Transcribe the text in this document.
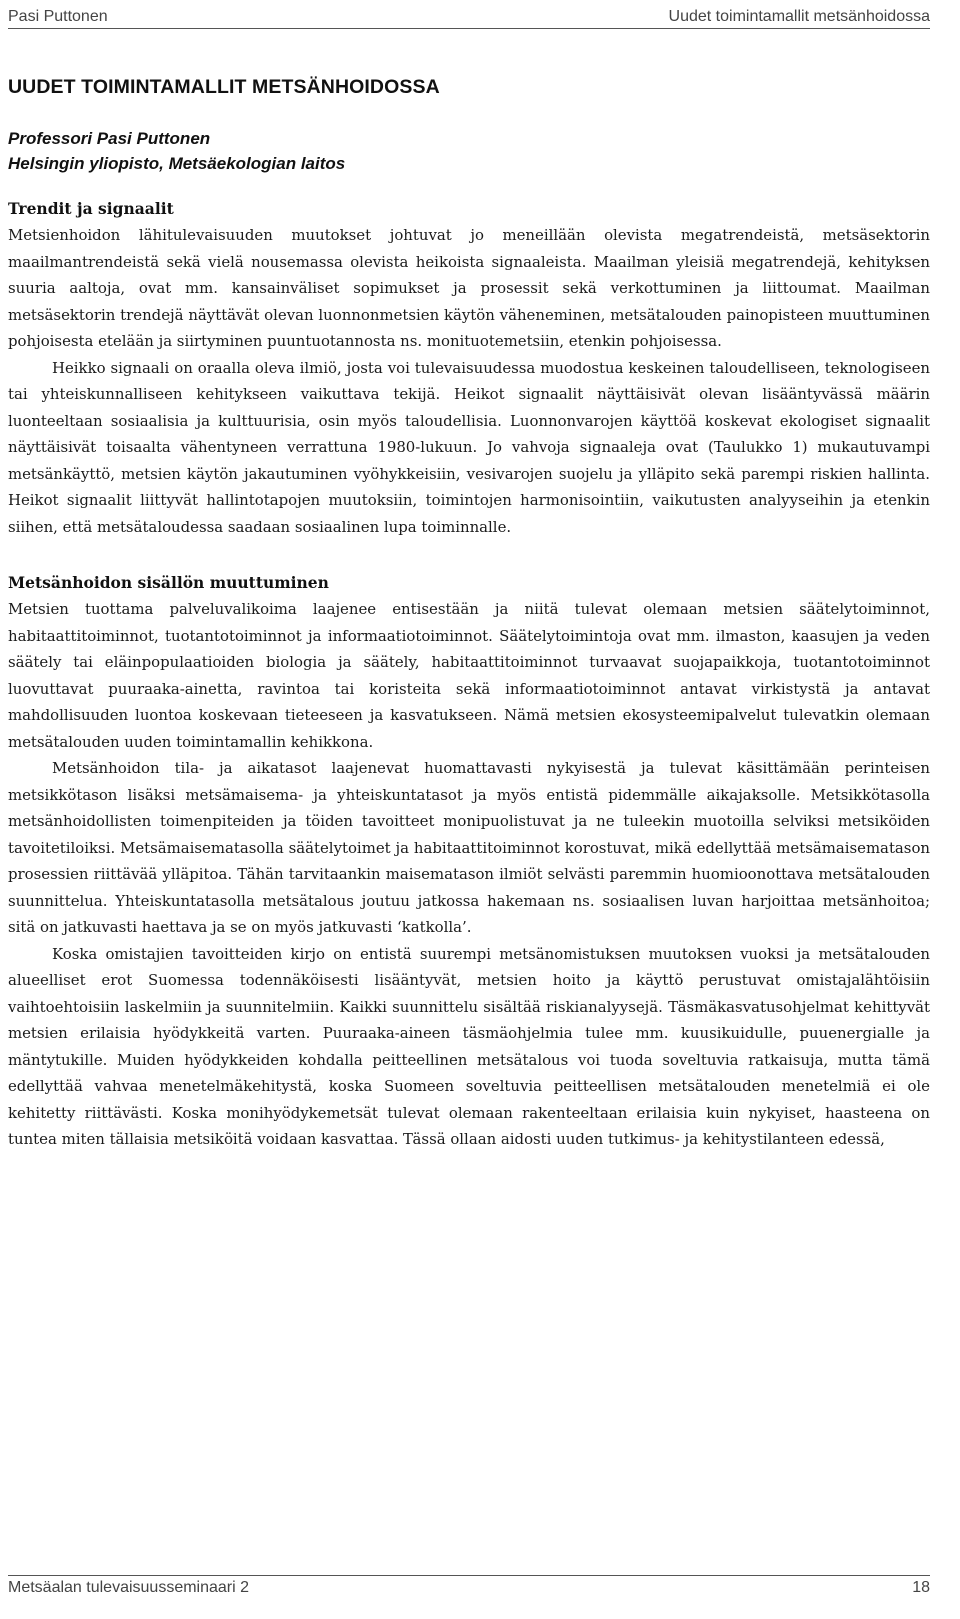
Pasi Puttonen	Uudet toimintamallit metsänhoidossa
UUDET TOIMINTAMALLIT METSÄNHOIDOSSA
Professori Pasi Puttonen
Helsingin yliopisto, Metsäekologian laitos
Trendit ja signaalit

Metsienhoidon lähitulevaisuuden muutokset johtuvat jo meneillään olevista megatrendeistä, metsäsektorin maailmantrendeistä sekä vielä nousemassa olevista heikoista signaaleista. Maailman yleisiä megatrendejä, kehityksen suuria aaltoja, ovat mm. kansainväliset sopimukset ja prosessit sekä verkottuminen ja liittoumat. Maailman metsäsektorin trendejä näyttävät olevan luonnonmetsien käytön väheneminen, metsätalouden painopisteen muuttuminen pohjoisesta etelään ja siirtyminen puuntuotannosta ns. monituotemetsiin, etenkin pohjoisessa.

Heikko signaali on oraalla oleva ilmiö, josta voi tulevaisuudessa muodostua keskeinen taloudelliseen, teknologiseen tai yhteiskunnalliseen kehitykseen vaikuttava tekijä. Heikot signaalit näyttäisivät olevan lisääntyvässä määrin luonteeltaan sosiaalisia ja kulttuurisia, osin myös taloudellisia. Luonnonvarojen käyttöä koskevat ekologiset signaalit näyttäisivät toisaalta vähentyneen verrattuna 1980-lukuun. Jo vahvoja signaaleja ovat (Taulukko 1) mukautuvampi metsänkäyttö, metsien käytön jakautuminen vyöhykkeisiin, vesivarojen suojelu ja ylläpito sekä parempi riskien hallinta. Heikot signaalit liittyvät hallintotapojen muutoksiin, toimintojen harmonisointiin, vaikutusten analyyseihin ja etenkin siihen, että metsätaloudessa saadaan sosiaalinen lupa toiminnalle.

Metsänhoidon sisällön muuttuminen

Metsien tuottama palveluvalikoima laajenee entisestään ja niitä tulevat olemaan metsien säätelytoiminnot, habitaattitoiminnot, tuotantotoiminnot ja informaatiotoiminnot. Säätelytoimintoja ovat mm. ilmaston, kaasujen ja veden säätely tai eläinpopulaatioiden biologia ja säätely, habitaattitoiminnot turvaavat suojapaikkoja, tuotantotoiminnot luovuttavat puuraaka-ainetta, ravintoa tai koristeita sekä informaatiotoiminnot antavat virkistystä ja antavat mahdollisuuden luontoa koskevaan tieteeseen ja kasvatukseen. Nämä metsien ekosysteemipalvelut tulevatkin olemaan metsätalouden uuden toimintamallin kehikkona.

Metsänhoidon tila- ja aikatasot laajenevat huomattavasti nykyisestä ja tulevat käsittämään perinteisen metsikkötason lisäksi metsämaisema- ja yhteiskuntatasot ja myös entistä pidemmälle aikajaksolle. Metsikkötasolla metsänhoidollisten toimenpiteiden ja töiden tavoitteet monipuolistuvat ja ne tuleekin muotoilla selviksi metsiköiden tavoitetiloiksi. Metsämaisematasolla säätelytoimet ja habitaattitoiminnot korostuvat, mikä edellyttää metsämaisematason prosessien riittävää ylläpitoa. Tähän tarvitaankin maisematason ilmiöt selvästi paremmin huomioonottava metsätalouden suunnittelua. Yhteiskuntatasolla metsätalous joutuu jatkossa hakemaan ns. sosiaalisen luvan harjoittaa metsänhoitoa; sitä on jatkuvasti haettava ja se on myös jatkuvasti ‘katkolla’.

Koska omistajien tavoitteiden kirjo on entistä suurempi metsänomistuksen muutoksen vuoksi ja metsätalouden alueelliset erot Suomessa todennäköisesti lisääntyvät, metsien hoito ja käyttö perustuvat omistajalähtöisiin vaihtoehtoisiin laskelmiin ja suunnitelmiin. Kaikki suunnittelu sisältää riskianalyysejä. Täsmäkasvatusohjelmat kehittyvät metsien erilaisia hyödykkeitä varten. Puuraaka-aineen täsmäohjelmia tulee mm. kuusikuidulle, puuenergialle ja mäntytukille. Muiden hyödykkeiden kohdalla peitteellinen metsätalous voi tuoda soveltuvia ratkaisuja, mutta tämä edellyttää vahvaa menetelmäkehitystä, koska Suomeen soveltuvia peitteellisen metsätalouden menetelmiä ei ole kehitetty riittävästi. Koska monihyödykemetsät tulevat olemaan rakenteeltaan erilaisia kuin nykyiset, haasteena on tuntea miten tällaisia metsiköitä voidaan kasvattaa. Tässä ollaan aidosti uuden tutkimus- ja kehitystilanteen edessä,

Metsäalan tulevaisuusseminaari 2	18
